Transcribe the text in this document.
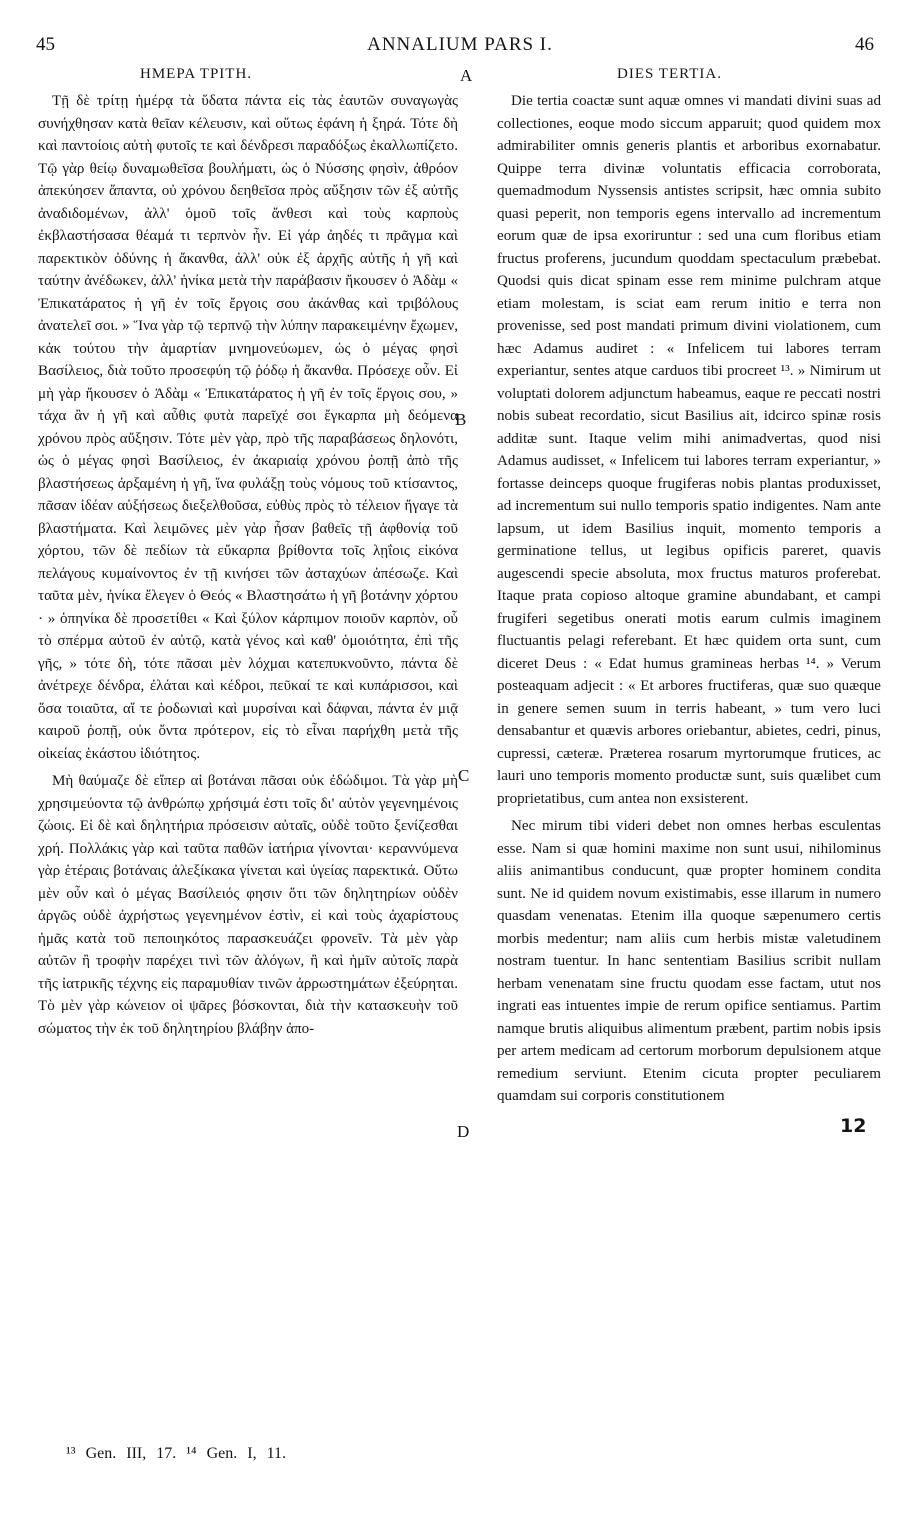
45	ANNALIUM PARS I.	46
ΗΜΕΡΑ ΤΡΙΤΗ.	DIES TERTIA.
A
B
C
D

Τῇ δὲ τρίτῃ ἡμέρᾳ τὰ ὕδατα πάντα εἰς τὰς ἑαυτῶν συναγωγὰς συνήχθησαν κατὰ θεῖαν κέλευσιν, καὶ οὕτως ἐφάνη ἡ ξηρά. Τότε δὴ καὶ παντοίοις αὐτὴ φυτοῖς τε καὶ δένδρεσι παραδόξως ἐκαλλωπίζετο. Τῷ γὰρ θείῳ δυναμωθεῖσα βουλήματι, ὡς ὁ Νύσσης φησὶν, ἀθρόον ἀπεκύησεν ἅπαντα, οὐ χρόνου δεηθεῖσα πρὸς αὔξησιν τῶν ἐξ αὐτῆς ἀναδιδομένων, ἀλλ' ὁμοῦ τοῖς ἄνθεσι καὶ τοὺς καρποὺς ἐκβλαστήσασα θέαμά τι τερπνὸν ἦν. Εἰ γάρ ἀηδές τι πρᾶγμα καὶ παρεκτικὸν ὀδύνης ἡ ἄκανθα, ἀλλ' οὐκ ἐξ ἀρχῆς αὐτῆς ἡ γῆ καὶ ταύτην ἀνέδωκεν, ἀλλ' ἡνίκα μετὰ τὴν παράβασιν ἤκουσεν ὁ Ἀδὰμ « Ἐπικατάρατος ἡ γῆ ἐν τοῖς ἔργοις σου ἀκάνθας καὶ τριβόλους ἀνατελεῖ σοι. » Ἵνα γὰρ τῷ τερπνῷ τὴν λύπην παρακειμένην ἔχωμεν, κἀκ τούτου τὴν ἁμαρτίαν μνημονεύωμεν, ὡς ὁ μέγας φησὶ Βασίλειος, διὰ τοῦτο προσεφύη τῷ ῥόδῳ ἡ ἄκανθα. Πρόσεχε οὖν. Εἰ μὴ γὰρ ἤκουσεν ὁ Ἀδὰμ « Ἐπικατάρατος ἡ γῆ ἐν τοῖς ἔργοις σου, » τάχα ἂν ἡ γῆ καὶ αὖθις φυτὰ παρεῖχέ σοι ἔγκαρπα μὴ δεόμενα χρόνου πρὸς αὔξησιν. Τότε μὲν γὰρ, πρὸ τῆς παραβάσεως δηλονότι, ὡς ὁ μέγας φησὶ Βασίλειος, ἐν ἀκαριαίᾳ χρόνου ῥοπῇ ἀπὸ τῆς βλαστήσεως ἀρξαμένη ἡ γῆ, ἵνα φυλάξῃ τοὺς νόμους τοῦ κτίσαντος, πᾶσαν ἰδέαν αὐξήσεως διεξελθοῦσα, εὐθὺς πρὸς τὸ τέλειον ἤγαγε τὰ βλαστήματα. Καὶ λειμῶνες μὲν γὰρ ἦσαν βαθεῖς τῇ ἀφθονίᾳ τοῦ χόρτου, τῶν δὲ πεδίων τὰ εὔκαρπα βρίθοντα τοῖς λῃΐοις εἰκόνα πελάγους κυμαίνοντος ἐν τῇ κινήσει τῶν ἀσταχύων ἀπέσωζε. Καὶ ταῦτα μὲν, ἡνίκα ἔλεγεν ὁ Θεός « Βλαστησάτω ἡ γῆ βοτάνην χόρτου · » ὁπηνίκα δὲ προσετίθει « Καὶ ξύλον κάρπιμον ποιοῦν καρπὸν, οὗ τὸ σπέρμα αὐτοῦ ἐν αὐτῷ, κατὰ γένος καὶ καθ' ὁμοιότητα, ἐπὶ τῆς γῆς, » τότε δὴ, τότε πᾶσαι μὲν λόχμαι κατεπυκνοῦντο, πάντα δὲ ἀνέτρεχε δένδρα, ἐλάται καὶ κέδροι, πεῦκαί τε καὶ κυπάρισσοι, καὶ ὅσα τοιαῦτα, αἵ τε ῥοδωνιαὶ καὶ μυρσίναι καὶ δάφναι, πάντα ἐν μιᾷ καιροῦ ῥοπῇ, οὐκ ὄντα πρότερον, εἰς τὸ εἶναι παρήχθη μετὰ τῆς οἰκείας ἑκάστου ἰδιότητος.

Μὴ θαύμαζε δὲ εἴπερ αἱ βοτάναι πᾶσαι οὐκ ἐδώδιμοι. Τὰ γὰρ μὴ χρησιμεύοντα τῷ ἀνθρώπῳ χρήσιμά ἐστι τοῖς δι' αὐτὸν γεγενημένοις ζώοις. Εἰ δὲ καὶ δηλητήρια πρόσεισιν αὐταῖς, οὐδὲ τοῦτο ξενίζεσθαι χρή. Πολλάκις γὰρ καὶ ταῦτα παθῶν ἰατήρια γίνονται· κεραννύμενα γὰρ ἑτέραις βοτάναις ἀλεξίκακα γίνεται καὶ ὑγείας παρεκτικά. Οὕτω μὲν οὖν καὶ ὁ μέγας Βασίλειός φησιν ὅτι τῶν δηλητηρίων οὐδὲν ἀργῶς οὐδὲ ἀχρήστως γεγενημένον ἐστὶν, εἰ καὶ τοὺς ἀχαρίστους ἡμᾶς κατὰ τοῦ πεποιηκότος παρασκευάζει φρονεῖν. Τὰ μὲν γὰρ αὐτῶν ἢ τροφὴν παρέχει τινὶ τῶν ἀλόγων, ἢ καὶ ἡμῖν αὐτοῖς παρὰ τῆς ἰατρικῆς τέχνης εἰς παραμυθίαν τινῶν ἀρρωστημάτων ἐξεύρηται. Τὸ μὲν γὰρ κώνειον οἱ ψᾶρες βόσκονται, διὰ τὴν κατασκευὴν τοῦ σώματος τὴν ἐκ τοῦ δηλητηρίου βλάβην ἀπο-

Die tertia coactæ sunt aquæ omnes vi mandati divini suas ad collectiones, eoque modo siccum apparuit; quod quidem mox admirabiliter omnis generis plantis et arboribus exornabatur. Quippe terra divinæ voluntatis efficacia corroborata, quemadmodum Nyssensis antistes scripsit, hæc omnia subito quasi peperit, non temporis egens intervallo ad incrementum eorum quæ de ipsa exoriruntur : sed una cum floribus etiam fructus proferens, jucundum quoddam spectaculum præbebat. Quodsi quis dicat spinam esse rem minime pulchram atque etiam molestam, is sciat eam rerum initio e terra non provenisse, sed post mandati primum divini violationem, cum hæc Adamus audiret : « Infelicem tui labores terram experiantur, sentes atque carduos tibi procreet ¹³. » Nimirum ut voluptati dolorem adjunctum habeamus, eaque re peccati nostri nobis subeat recordatio, sicut Basilius ait, idcirco spinæ rosis additæ sunt. Itaque velim mihi animadvertas, quod nisi Adamus audisset, « Infelicem tui labores terram experiantur, » fortasse deinceps quoque frugiferas nobis plantas produxisset, ad incrementum sui nullo temporis spatio indigentes. Nam ante lapsum, ut idem Basilius inquit, momento temporis a germinatione tellus, ut legibus opificis pareret, quavis augescendi specie absoluta, mox fructus maturos proferebat. Itaque prata copioso altoque gramine abundabant, et campi frugiferi segetibus onerati motis earum culmis imaginem fluctuantis pelagi referebant. Et hæc quidem orta sunt, cum diceret Deus : « Edat humus gramineas herbas ¹⁴. » Verum posteaquam adjecit : « Et arbores fructiferas, quæ suo quæque in genere semen suum in terris habeant, » tum vero luci densabantur et quævis arbores oriebantur, abietes, cedri, pinus, cupressi, cæteræ. Præterea rosarum myrtorumque frutices, ac lauri uno temporis momento productæ sunt, suis quælibet cum proprietatibus, cum antea non exsisterent.

Nec mirum tibi videri debet non omnes herbas esculentas esse. Nam si quæ homini maxime non sunt usui, nihilominus aliis animantibus conducunt, quæ propter hominem condita sunt. Ne id quidem novum existimabis, esse illarum in numero quasdam venenatas. Etenim illa quoque sæpenumero certis morbis medentur; nam aliis cum herbis mistæ valetudinem nostram tuentur. In hanc sententiam Basilius scribit nullam herbam venenatam sine fructu quodam esse factam, utut nos ingrati eas intuentes impie de rerum opifice sentiamus. Partim namque brutis aliquibus alimentum præbent, partim nobis ipsis per artem medicam ad certorum morborum depulsionem atque remedium serviunt. Etenim cicuta propter peculiarem quamdam sui corporis constitutionem

12
¹³ Gen. III, 17. ¹⁴ Gen. I, 11.
